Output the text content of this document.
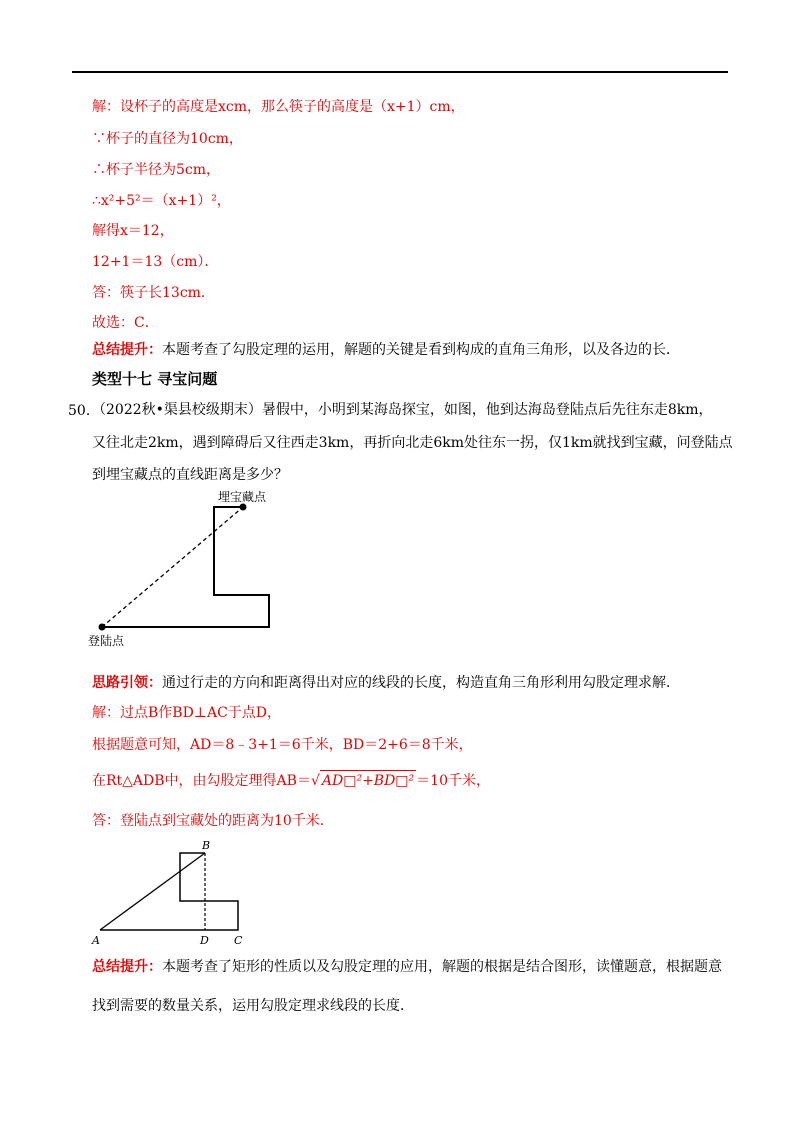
解：设杯子的高度是xcm，那么筷子的高度是（x+1）cm，
∵杯子的直径为10cm，
∴杯子半径为5cm，
∴x²+5²＝（x+1）²，
解得x＝12，
12+1＝13（cm）．
答：筷子长13cm．
故选：C．
总结提升：本题考查了勾股定理的运用，解题的关键是看到构成的直角三角形，以及各边的长．
类型十七 寻宝问题
50．
（2022秋•渠县校级期末）暑假中，小明到某海岛探宝，如图，他到达海岛登陆点后先往东走8km，
又往北走2km，遇到障碍后又往西走3km，再折向北走6km处往东一拐，仅1km就找到宝藏，问登陆点
到埋宝藏点的直线距离是多少？
埋宝藏点
登陆点
思路引领：通过行走的方向和距离得出对应的线段的长度，构造直角三角形利用勾股定理求解．
解：过点B作BD⊥AC于点D，
根据题意可知，AD＝8﹣3+1＝6千米，BD＝2+6＝8千米，
在Rt△ADB中，由勾股定理得AB＝√ AD□²+BD□² ＝10千米，
答：登陆点到宝藏处的距离为10千米．
A
B
C
D
总结提升：本题考查了矩形的性质以及勾股定理的应用，解题的根据是结合图形，读懂题意，根据题意
找到需要的数量关系，运用勾股定理求线段的长度．
